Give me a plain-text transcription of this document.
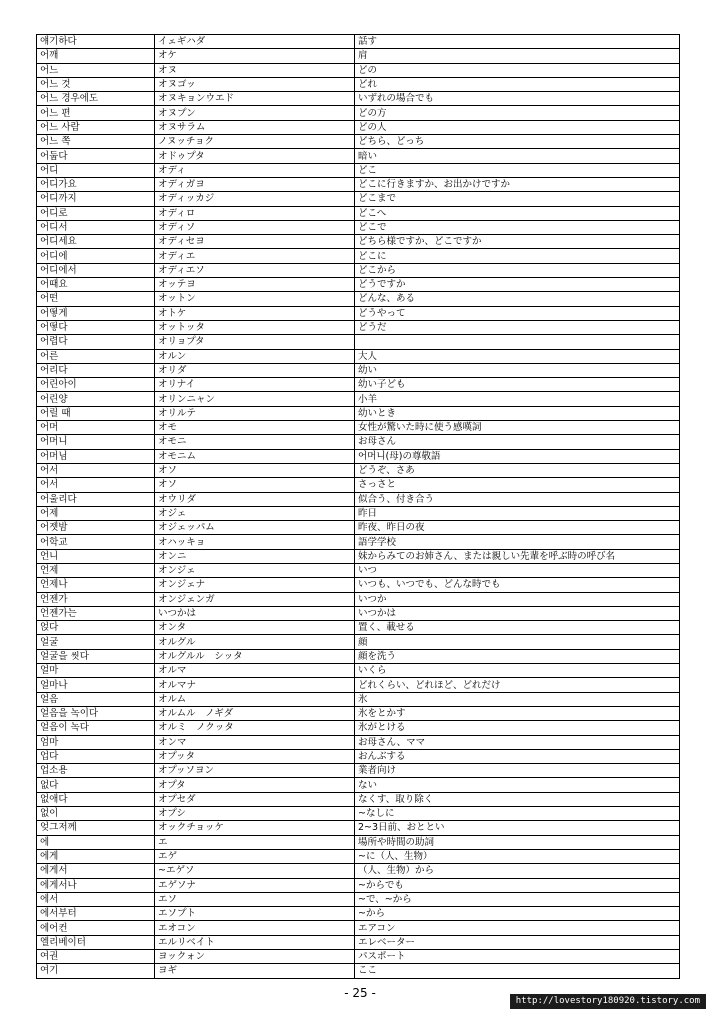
얘기하다	イェギハダ	話す
어깨	オケ	肩
어느	オヌ	どの
어느 것	オヌゴッ	どれ
어느 경우에도	オヌキョンウエド	いずれの場合でも
어느 편	オヌプン	どの方
어느 사람	オヌサラム	どの人
어느 쪽	ノヌッチョク	どちら、どっち
어둡다	オドゥプタ	暗い
어디	オディ	どこ
어디가요	オディガヨ	どこに行きますか、お出かけですか
어디까지	オディッカジ	どこまで
어디로	オディロ	どこへ
어디서	オディソ	どこで
어디세요	オディセヨ	どちら様ですか、どこですか
어디에	オディエ	どこに
어디에서	オディエソ	どこから
어때요	オッテヨ	どうですか
어떤	オットン	どんな、ある
어떻게	オトケ	どうやって
어떻다	オットッタ	どうだ
어렵다	オリョプタ	
어른	オルン	大人
어리다	オリダ	幼い
어린아이	オリナイ	幼い子ども
어린양	オリンニャン	小羊
어릴 때	オリルテ	幼いとき
어머	オモ	女性が驚いた時に使う感嘆詞
어머니	オモニ	お母さん
어머님	オモニム	어머니(母)の尊敬語
어서	オソ	どうぞ、さあ
어서	オソ	さっさと
어울리다	オウリダ	似合う、付き合う
어제	オジェ	昨日
어젯밤	オジェッパム	昨夜、昨日の夜
어학교	オハッキョ	語学学校
언니	オンニ	妹からみてのお姉さん、または親しい先輩を呼ぶ時の呼び名
언제	オンジェ	いつ
언제나	オンジェナ	いつも、いつでも、どんな時でも
언젠가	オンジェンガ	いつか
언젠가는	いつかは	いつかは
얹다	オンタ	置く、載せる
얼굴	オルグル	顔
얼굴을 씻다	オルグルル　シッタ	顔を洗う
얼마	オルマ	いくら
얼마나	オルマナ	どれくらい、どれほど、どれだけ
얼음	オルム	氷
얼음을 녹이다	オルムル　ノギダ	氷をとかす
얼음이 녹다	オルミ　ノクッタ	氷がとける
엄마	オンマ	お母さん、ママ
업다	オプッタ	おんぶする
업소용	オプッソヨン	業者向け
없다	オプタ	ない
없애다	オプセダ	なくす、取り除く
없이	オプシ	~なしに
엊그저께	オックチョッケ	2~3日前、おととい
에	エ	場所や時間の助詞
에게	エゲ	~に（人、生物）
에게서	~エゲソ	（人、生物）から
에게서나	エゲソナ	~からでも
에서	エソ	~で、~から
에서부터	エソプト	~から
에어컨	エオコン	エアコン
엘리베이터	エルリベイト	エレベーター
여권	ヨックォン	パスポート
여기	ヨギ	ここ
- 25 -
http://lovestory180920.tistory.com
